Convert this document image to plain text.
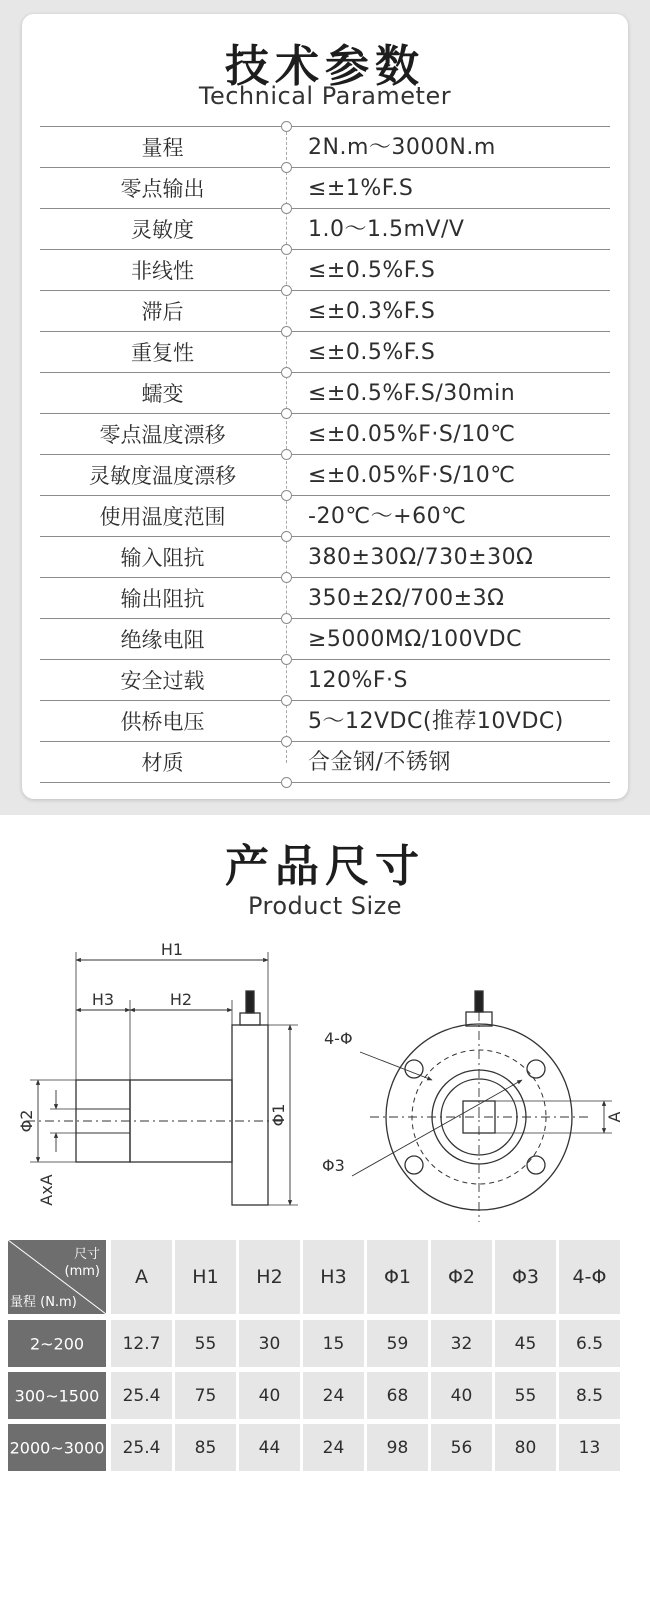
技术参数
Technical Parameter
量程	2N.m～3000N.m
零点输出	≤±1%F.S
灵敏度	1.0～1.5mV/V
非线性	≤±0.5%F.S
滞后	≤±0.3%F.S
重复性	≤±0.5%F.S
蠕变	≤±0.5%F.S/30min
零点温度漂移	≤±0.05%F·S/10℃
灵敏度温度漂移	≤±0.05%F·S/10℃
使用温度范围	-20℃～+60℃
输入阻抗	380±30Ω/730±30Ω
输出阻抗	350±2Ω/700±3Ω
绝缘电阻	≥5000MΩ/100VDC
安全过载	120%F·S
供桥电压	5～12VDC(推荐10VDC)
材质	合金钢/不锈钢
产品尺寸
Product Size
H1
H3	H2
Φ1
Φ2
AxA
4-Φ
Φ3
A
尺寸
(mm)
量程 (N.m)
A	H1	H2	H3	Φ1	Φ2	Φ3	4-Φ
2~200	12.7	55	30	15	59	32	45	6.5
300~1500	25.4	75	40	24	68	40	55	8.5
2000~3000	25.4	85	44	24	98	56	80	13
